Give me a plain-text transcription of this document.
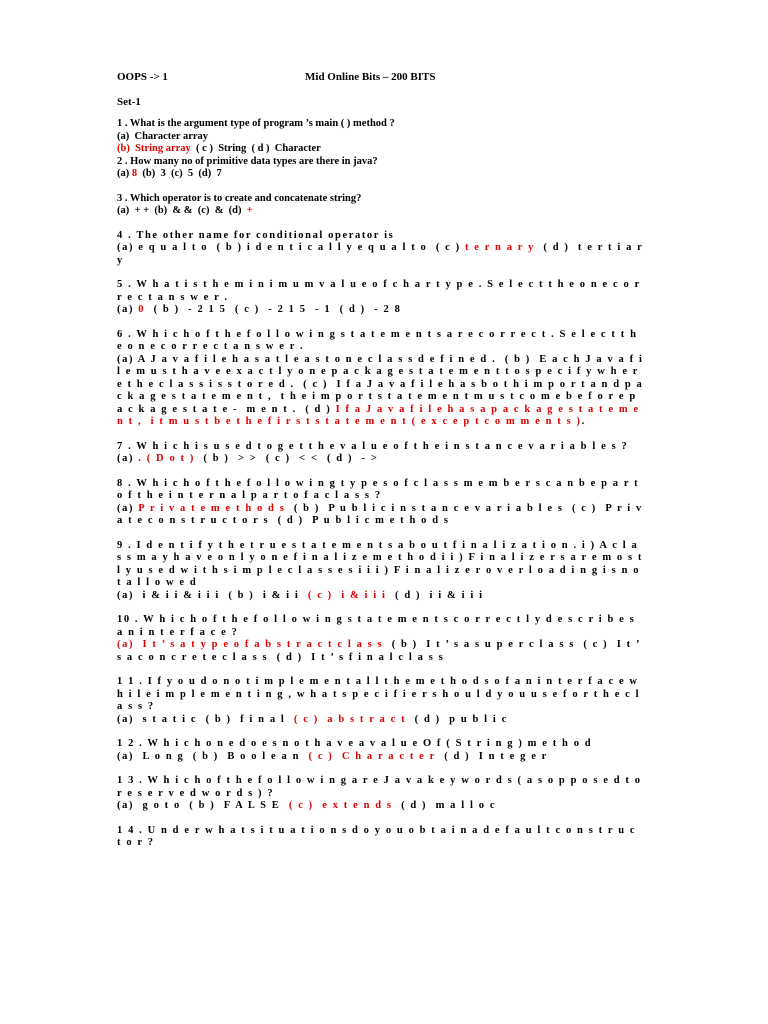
OOPS -> 1	Mid Online Bits – 200 BITS
Set-1
1 . What is the argument type of program ’s main ( ) method ?
(a)  Character array
(b)  String array  ( c )  String  ( d )  Character
2 . How many no of primitive data types are there in java?
(a) 8  (b)  3  (c)  5  (d)  7
3 . Which operator is to create and concatenate string?
(a)  + +  (b)  & &  (c)  &  (d)  +
4 . The other name for conditional operator is
(a) e q u a l t o  ( b ) i d e n t i c a l l y e q u a l t o  ( c ) t e r n a r y  ( d )  t e r t i a r y
5 . W h a t i s t h e m i n i m u m v a l u e o f c h a r t y p e . S e l e c t t h e o n e c o r r e c t a n s w e r .
(a) 0  ( b )  - 2 1 5  ( c )  - 2 1 5  - 1  ( d )  - 2 8
6 . W h i c h o f t h e f o l l o w i n g s t a t e m e n t s a r e c o r r e c t . S e l e c t t h e o n e c o r r e c t a n s w e r .
(a) A J a v a f i l e h a s a t l e a s t o n e c l a s s d e f i n e d .  ( b )  E a c h J a v a f i l e m u s t h a v e e x a c t l y o n e p a c k a g e s t a t e m e n t t o s p e c i f y w h e r e t h e c l a s s i s s t o r e d .  ( c )  I f a J a v a f i l e h a s b o t h i m p o r t a n d p a c k a g e s t a t e m e n t ,  t h e i m p o r t s t a t e m e n t m u s t c o m e b e f o r e p a c k a g e s t a t e -  m e n t .  ( d ) I f a J a v a f i l e h a s a p a c k a g e s t a t e m e n t ,  i t m u s t b e t h e f i r s t s t a t e m e n t ( e x c e p t c o m m e n t s ).
7 . W h i c h i s u s e d t o g e t t h e v a l u e o f t h e i n s t a n c e v a r i a b l e s ?
(a) . ( D o t )  ( b )  > >  ( c )  < <  ( d )  - >
8 . W h i c h o f t h e f o l l o w i n g t y p e s o f c l a s s m e m b e r s c a n b e p a r t o f t h e i n t e r n a l p a r t o f a c l a s s ?
(a) P r i v a t e m e t h o d s  ( b )  P u b l i c i n s t a n c e v a r i a b l e s  ( c )  P r i v a t e c o n s t r u c t o r s  ( d )  P u b l i c m e t h o d s
9 . I d e n t i f y t h e t r u e s t a t e m e n t s a b o u t f i n a l i z a t i o n . i ) A c l a s s m a y h a v e o n l y o n e f i n a l i z e m e t h o d i i ) F i n a l i z e r s a r e m o s t l y u s e d w i t h s i m p l e c l a s s e s i i i ) F i n a l i z e r o v e r l o a d i n g i s n o t a l l o w e d
(a)  i & i i & i i i  ( b )  i & i i  ( c )  i & i i i  ( d )  i i & i i i
10 . W h i c h o f t h e f o l l o w i n g s t a t e m e n t s c o r r e c t l y d e s c r i b e s a n i n t e r f a c e ?
(a)  I t ’ s a t y p e o f a b s t r a c t c l a s s  ( b )  I t ’ s a s u p e r c l a s s  ( c )  I t ’ s a c o n c r e t e c l a s s  ( d )  I t ’ s f i n a l c l a s s
1 1 . I f y o u d o n o t i m p l e m e n t a l l t h e m e t h o d s o f a n i n t e r f a c e w h i l e i m p l e m e n t i n g , w h a t s p e c i f i e r s h o u l d y o u u s e f o r t h e c l a s s ?
(a)  s t a t i c  ( b )  f i n a l  ( c )  a b s t r a c t  ( d )  p u b l i c
1 2 . W h i c h o n e d o e s n o t h a v e a v a l u e O f ( S t r i n g ) m e t h o d
(a)  L o n g  ( b )  B o o l e a n  ( c )  C h a r a c t e r  ( d )  I n t e g e r
1 3 . W h i c h o f t h e f o l l o w i n g a r e J a v a k e y w o r d s ( a s o p p o s e d t o r e s e r v e d w o r d s ) ?
(a)  g o t o  ( b )  F A L S E  ( c )  e x t e n d s  ( d )  m a l l o c
1 4 . U n d e r w h a t s i t u a t i o n s d o y o u o b t a i n a d e f a u l t c o n s t r u c t o r ?
